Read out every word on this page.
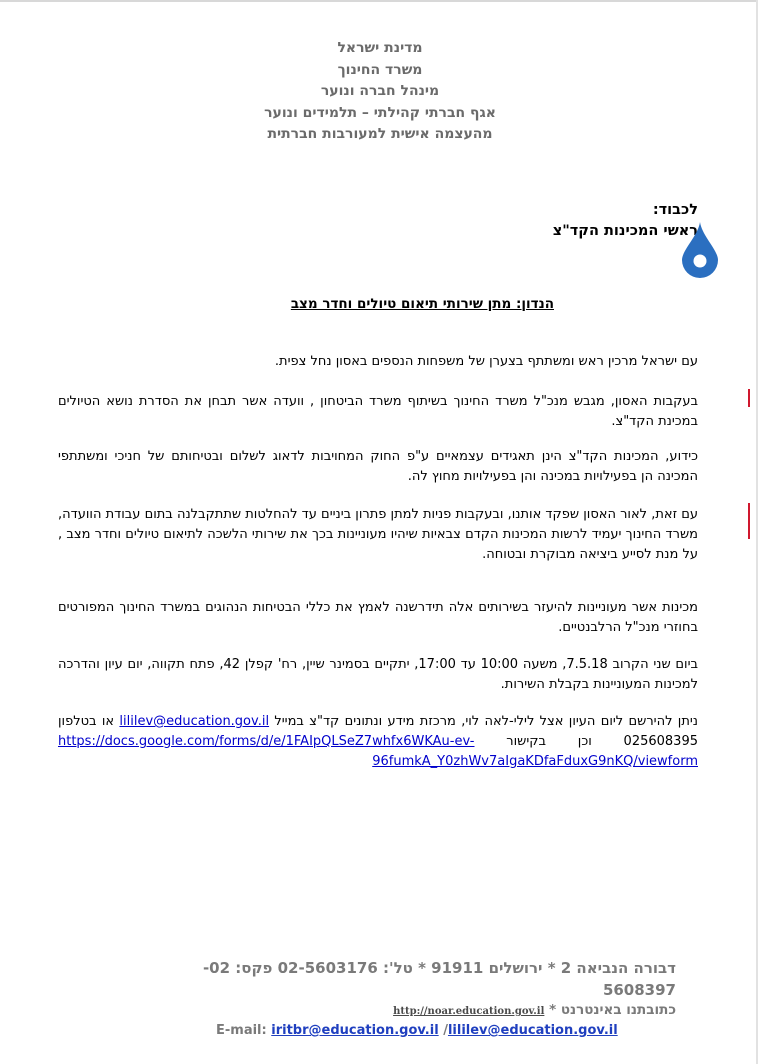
מדינת ישראל
משרד החינוך
מינהל חברה ונוער
אגף חברתי קהילתי – תלמידים ונוער
מהעצמה אישית למעורבות חברתית
לכבוד:
ראשי המכינות הקד"צ
הנדון: מתן שירותי תיאום טיולים וחדר מצב
עם ישראל מרכין ראש ומשתתף בצערן של משפחות הנספים באסון נחל צפית.
בעקבות האסון, מגבש מנכ"ל משרד החינוך בשיתוף משרד הביטחון , וועדה אשר תבחן את הסדרת נושא הטיולים במכינת הקד"צ.
כידוע, המכינות הקד"צ הינן תאגידים עצמאיים ע"פ החוק המחויבות לדאוג לשלום ובטיחותם של חניכי ומשתתפי המכינה הן בפעילויות במכינה והן בפעילויות מחוץ לה.
עם זאת, לאור האסון שפקד אותנו, ובעקבות פניות למתן פתרון ביניים עד להחלטות שתתקבלנה בתום עבודת הוועדה, משרד החינוך יעמיד לרשות המכינות הקדם צבאיות שיהיו מעוניינות בכך את שירותי הלשכה לתיאום טיולים וחדר מצב , על מנת לסייע ביציאה מבוקרת ובטוחה.
מכינות אשר מעוניינות להיעזר בשירותים אלה תידרשנה לאמץ את כללי הבטיחות הנהוגים במשרד החינוך המפורטים בחוזרי מנכ"ל הרלבנטיים.
ביום שני הקרוב 7.5.18, משעה 10:00 עד 17:00, יתקיים בסמינר שיין, רח' קפלן 42, פתח תקווה, יום עיון והדרכה למכינות המעוניינות בקבלת השירות.
ניתן להירשם ליום העיון אצל לילי-לאה לוי, מרכזת מידע ונתונים קד"צ במייל lililev@education.gov.il או בטלפון 025608395 וכן בקישור https://docs.google.com/forms/d/e/1FAIpQLSeZ7whfx6WKAu-ev- 96fumkA_Y0zhWv7aIgaKDfaFduxG9nKQ/viewform
דבורה הנביאה 2 * ירושלים 91911 * טל': 02-5603176 פקס: 02-
5608397
כתובתנו באינטרנט * http://noar.education.gov.il
E-mail: iritbr@education.gov.il /lililev@education.gov.il
